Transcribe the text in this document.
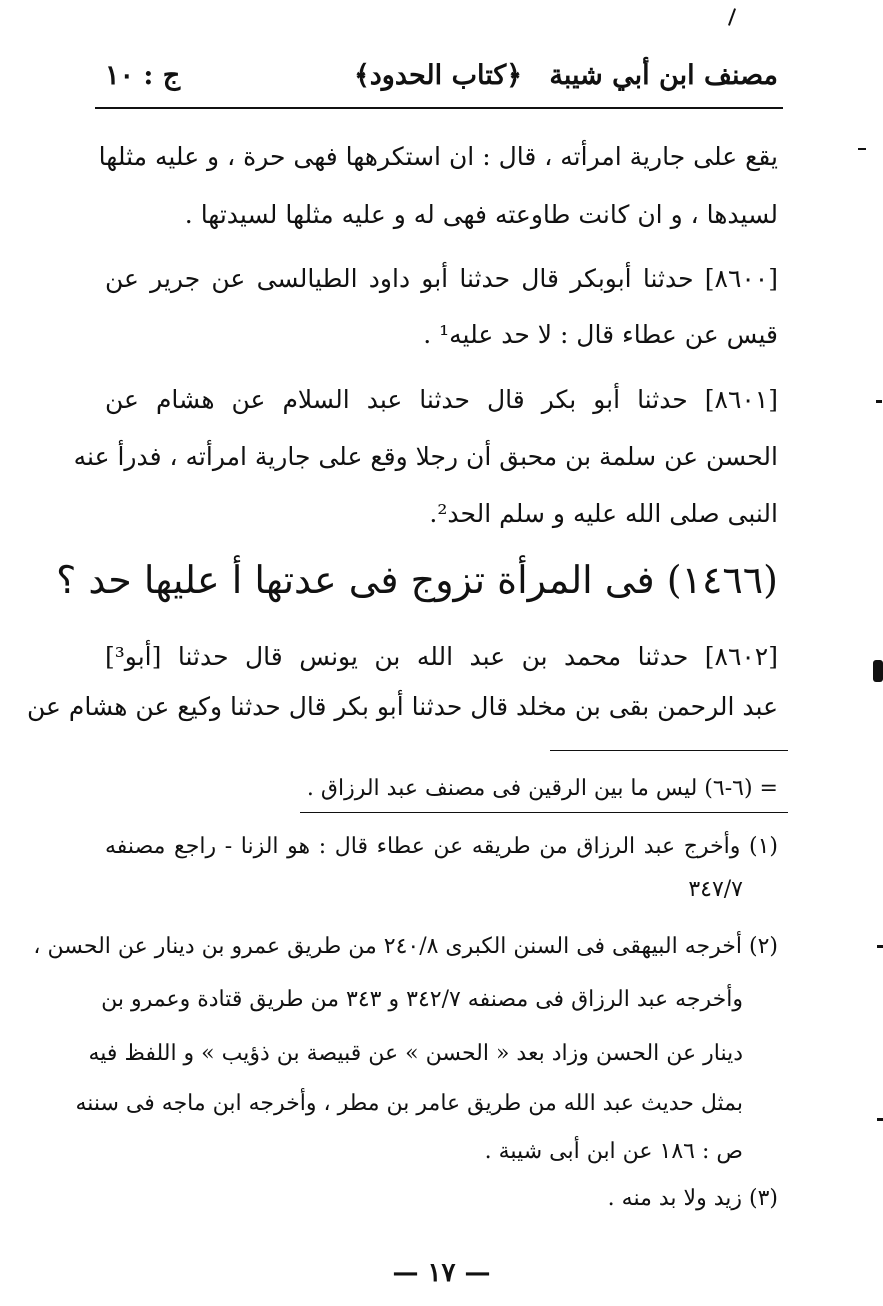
مصنف ابن أبي شيبة
﴿كتاب الحدود﴾
ج : ١٠
يقع على جارية امرأته ، قال : ان استكرهها فهى حرة ، و عليه مثلها
لسيدها ، و ان كانت طاوعته فهى له و عليه مثلها لسيدتها .
[٨٦٠٠] حدثنا أبوبكر قال حدثنا أبو داود الطيالسى عن جرير عن
قيس عن عطاء قال : لا حد عليه¹ .
[٨٦٠١] حدثنا أبو بكر قال حدثنا عبد السلام عن هشام عن
الحسن عن سلمة بن محبق أن رجلا وقع على جارية امرأته ، فدرأ عنه
النبى صلى الله عليه و سلم الحد².
(١٤٦٦) فى المرأة تزوج فى عدتها أ عليها حد ؟
[٨٦٠٢] حدثنا محمد بن عبد الله بن يونس قال حدثنا [أبو³]
عبد الرحمن بقى بن مخلد قال حدثنا أبو بكر قال حدثنا وكيع عن هشام عن
= (٦-٦) ليس ما بين الرقين فى مصنف عبد الرزاق .
(١) وأخرج عبد الرزاق من طريقه عن عطاء قال : هو الزنا - راجع مصنفه
٣٤٧/٧
(٢) أخرجه البيهقى فى السنن الكبرى ٢٤٠/٨ من طريق عمرو بن دينار عن الحسن ،
وأخرجه عبد الرزاق فى مصنفه ٣٤٢/٧ و ٣٤٣ من طريق قتادة وعمرو بن
دينار عن الحسن وزاد بعد « الحسن » عن قبيصة بن ذؤيب » و اللفظ فيه
بمثل حديث عبد الله من طريق عامر بن مطر ، وأخرجه ابن ماجه فى سننه
ص : ١٨٦ عن ابن أبى شيبة .
(٣) زيد ولا بد منه .
— ١٧ —
